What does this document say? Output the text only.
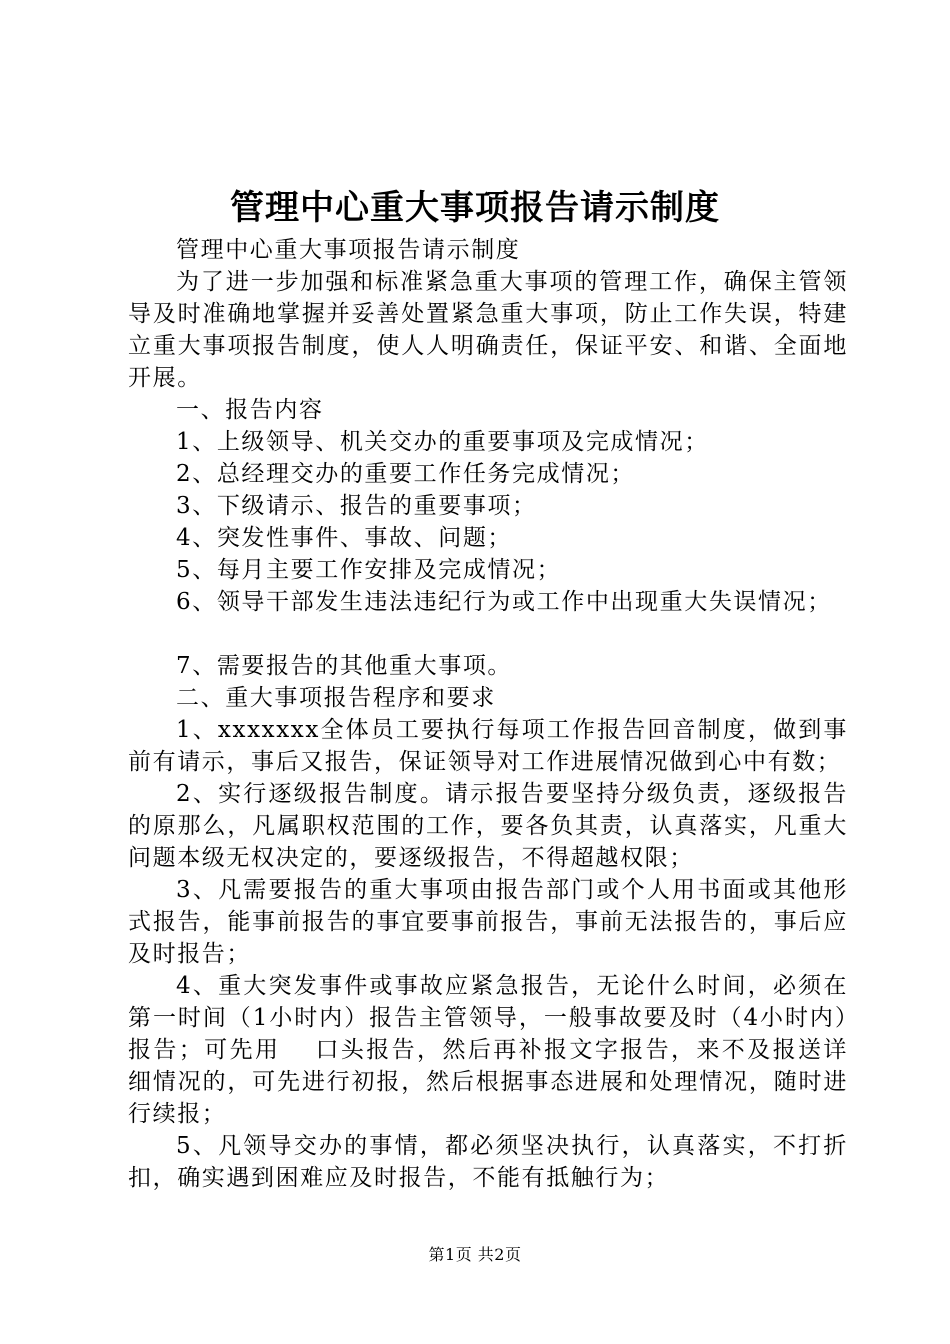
管理中心重大事项报告请示制度

管理中心重大事项报告请示制度

为了进一步加强和标准紧急重大事项的管理工作，确保主管领导及时准确地掌握并妥善处置紧急重大事项，防止工作失误，特建立重大事项报告制度，使人人明确责任，保证平安、和谐、全面地开展。

一、报告内容

1、上级领导、机关交办的重要事项及完成情况；

2、总经理交办的重要工作任务完成情况；

3、下级请示、报告的重要事项；

4、突发性事件、事故、问题；

5、每月主要工作安排及完成情况；

6、领导干部发生违法违纪行为或工作中出现重大失误情况；

7、需要报告的其他重大事项。

二、重大事项报告程序和要求

1、xxxxxxx全体员工要执行每项工作报告回音制度，做到事前有请示，事后又报告，保证领导对工作进展情况做到心中有数；

2、实行逐级报告制度。请示报告要坚持分级负责，逐级报告的原那么，凡属职权范围的工作，要各负其责，认真落实，凡重大问题本级无权决定的，要逐级报告，不得超越权限；

3、凡需要报告的重大事项由报告部门或个人用书面或其他形式报告，能事前报告的事宜要事前报告，事前无法报告的，事后应及时报告；

4、重大突发事件或事故应紧急报告，无论什么时间，必须在第一时间（1小时内）报告主管领导，一般事故要及时（4小时内）报告；可先用　 口头报告，然后再补报文字报告，来不及报送详细情况的，可先进行初报，然后根据事态进展和处理情况，随时进行续报；

5、凡领导交办的事情，都必须坚决执行，认真落实，不打折扣，确实遇到困难应及时报告，不能有抵触行为；

第1页 共2页
